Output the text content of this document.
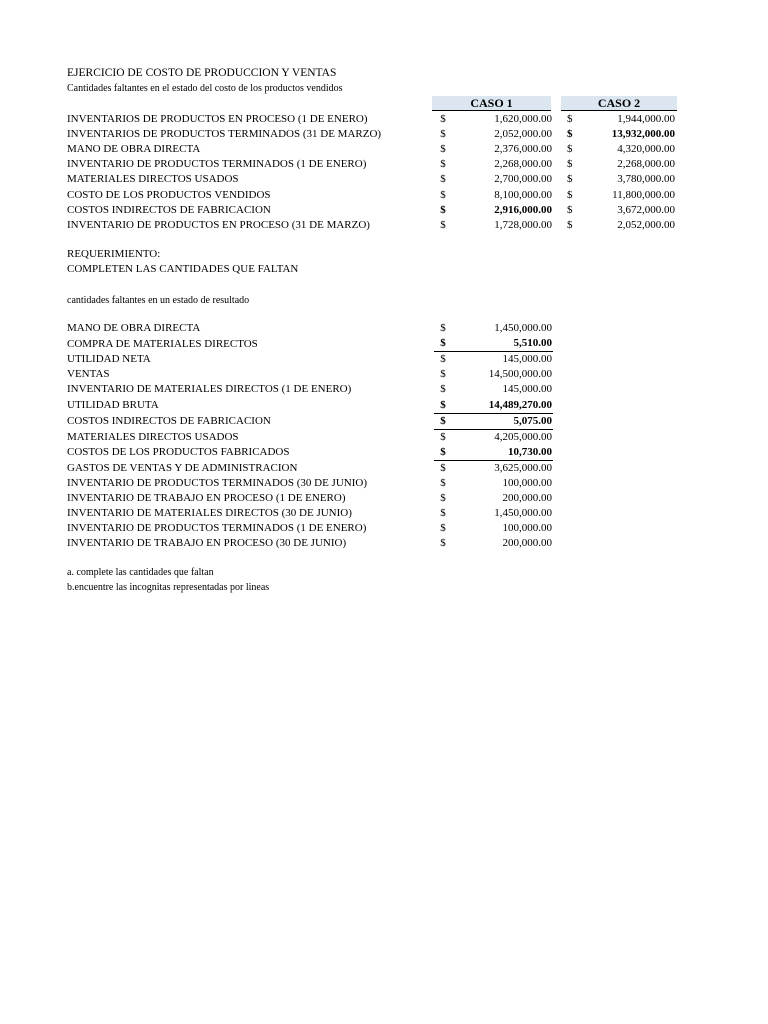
EJERCICIO DE COSTO DE PRODUCCION Y VENTAS
Cantidades faltantes en el estado del costo de los productos vendidos
CASO 1	CASO 2
INVENTARIOS DE PRODUCTOS EN PROCESO (1 DE ENERO)	$	1,620,000.00		$	1,944,000.00
INVENTARIOS DE PRODUCTOS TERMINADOS (31 DE MARZO)	$	2,052,000.00		$	13,932,000.00
MANO DE OBRA DIRECTA	$	2,376,000.00		$	4,320,000.00
INVENTARIO DE PRODUCTOS TERMINADOS (1 DE ENERO)	$	2,268,000.00		$	2,268,000.00
MATERIALES DIRECTOS USADOS	$	2,700,000.00		$	3,780,000.00
COSTO DE LOS PRODUCTOS VENDIDOS	$	8,100,000.00		$	11,800,000.00
COSTOS INDIRECTOS DE FABRICACION	$	2,916,000.00		$	3,672,000.00
INVENTARIO DE PRODUCTOS EN PROCESO (31 DE MARZO)	$	1,728,000.00		$	2,052,000.00
REQUERIMIENTO:
COMPLETEN LAS CANTIDADES QUE FALTAN
cantidades faltantes en un estado de resultado
MANO DE OBRA DIRECTA	$	1,450,000.00
COMPRA DE MATERIALES DIRECTOS	$	5,510.00
UTILIDAD NETA	$	145,000.00
VENTAS	$	14,500,000.00
INVENTARIO DE MATERIALES DIRECTOS (1 DE ENERO)	$	145,000.00
UTILIDAD BRUTA	$	14,489,270.00
COSTOS INDIRECTOS DE FABRICACION	$	5,075.00
MATERIALES DIRECTOS USADOS	$	4,205,000.00
COSTOS DE LOS PRODUCTOS FABRICADOS	$	10,730.00
GASTOS DE VENTAS Y DE ADMINISTRACION	$	3,625,000.00
INVENTARIO DE PRODUCTOS TERMINADOS (30 DE JUNIO)	$	100,000.00
INVENTARIO DE TRABAJO EN PROCESO (1 DE ENERO)	$	200,000.00
INVENTARIO DE MATERIALES DIRECTOS (30 DE JUNIO)	$	1,450,000.00
INVENTARIO DE PRODUCTOS TERMINADOS (1 DE ENERO)	$	100,000.00
INVENTARIO DE TRABAJO EN PROCESO (30 DE JUNIO)	$	200,000.00
a. complete las cantidades que faltan
b.encuentre las incognitas representadas por lineas
